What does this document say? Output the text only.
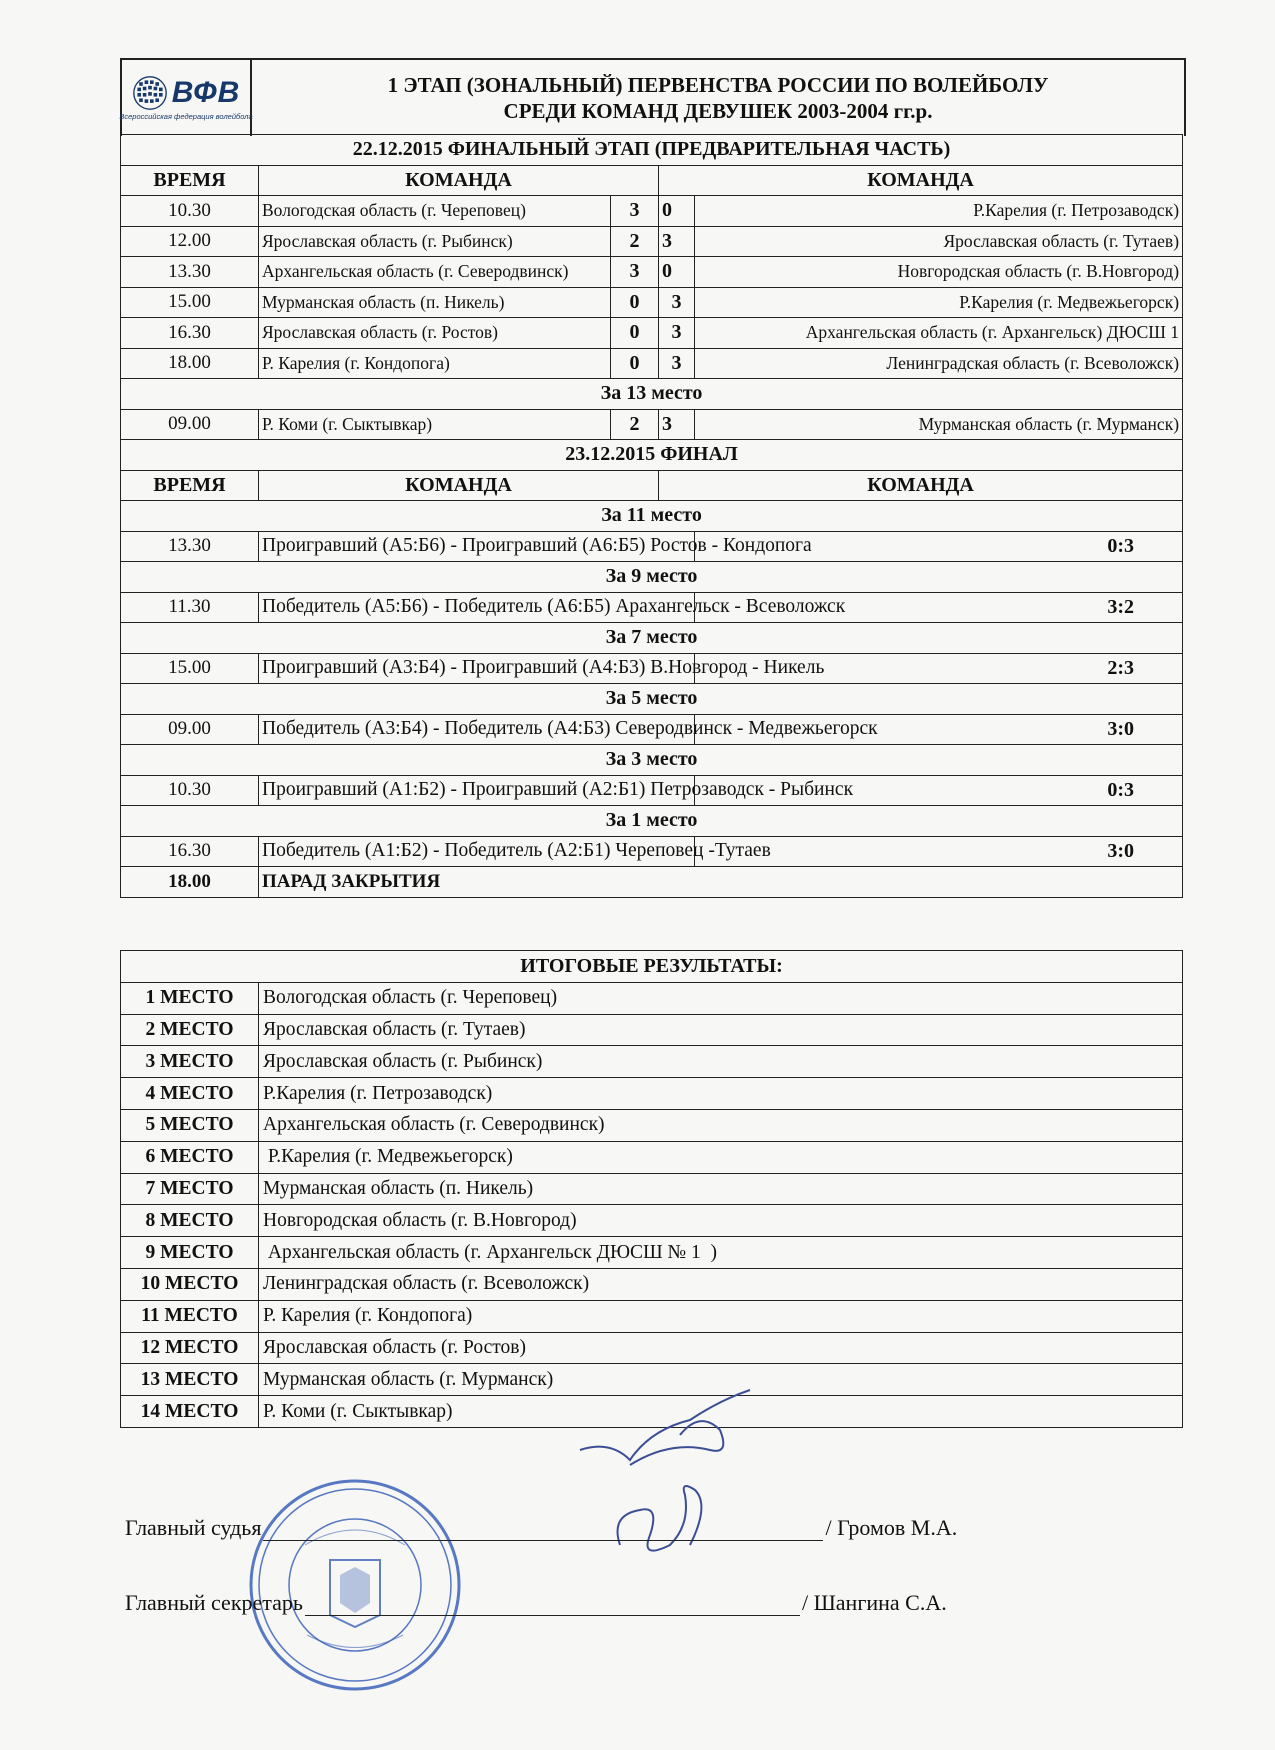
ВФВ
Всероссийская федерация волейбола
1 ЭТАП (ЗОНАЛЬНЫЙ) ПЕРВЕНСТВА РОССИИ ПО ВОЛЕЙБОЛУ
СРЕДИ КОМАНД ДЕВУШЕК 2003-2004 гг.р.
22.12.2015 ФИНАЛЬНЫЙ ЭТАП (ПРЕДВАРИТЕЛЬНАЯ ЧАСТЬ)				
ВРЕМЯ	КОМАНДА		КОМАНДА	
10.30	Вологодская область (г. Череповец)	3	0	Р.Карелия (г. Петрозаводск)
12.00	Ярославская область (г. Рыбинск)	2	3	Ярославская область (г. Тутаев)
13.30	Архангельская область (г. Северодвинск)	3	0	Новгородская область (г. В.Новгород)
15.00	Мурманская область (п. Никель)	0	3	Р.Карелия (г. Медвежьегорск)
16.30	Ярославская область (г. Ростов)	0	3	Архангельская область (г. Архангельск) ДЮСШ 1
18.00	Р. Карелия (г. Кондопога)	0	3	Ленинградская область (г. Всеволожск)
За 13 место				
09.00	Р. Коми (г. Сыктывкар)	2	3	Мурманская область (г. Мурманск)
23.12.2015 ФИНАЛ				
ВРЕМЯ	КОМАНДА		КОМАНДА	
За 11 место				
13.30	Проигравший (А5:Б6) - Проигравший (А6:Б5) Ростов - Кондопога			0:3
За 9 место				
11.30	Победитель (А5:Б6) - Победитель (А6:Б5) Арахангельск - Всеволожск			3:2
За 7 место				
15.00	Проигравший (А3:Б4) - Проигравший (А4:Б3) В.Новгород - Никель			2:3
За 5 место				
09.00	Победитель (А3:Б4) - Победитель (А4:Б3) Северодвинск - Медвежьегорск			3:0
За 3 место				
10.30	Проигравший (А1:Б2) - Проигравший (А2:Б1) Петрозаводск - Рыбинск			0:3
За 1 место				
16.30	Победитель (А1:Б2) - Победитель (А2:Б1) Череповец -Тутаев			3:0
18.00	ПАРАД ЗАКРЫТИЯ			
ИТОГОВЫЕ РЕЗУЛЬТАТЫ:	
1 МЕСТО	Вологодская область (г. Череповец)
2 МЕСТО	Ярославская область (г. Тутаев)
3 МЕСТО	Ярославская область (г. Рыбинск)
4 МЕСТО	Р.Карелия (г. Петрозаводск)
5 МЕСТО	Архангельская область (г. Северодвинск)
6 МЕСТО	Р.Карелия (г. Медвежьегорск)
7 МЕСТО	Мурманская область (п. Никель)
8 МЕСТО	Новгородская область (г. В.Новгород)
9 МЕСТО	Архангельская область (г. Архангельск ДЮСШ № 1  )
10 МЕСТО	Ленинградская область (г. Всеволожск)
11 МЕСТО	Р. Карелия (г. Кондопога)
12 МЕСТО	Ярославская область (г. Ростов)
13 МЕСТО	Мурманская область (г. Мурманск)
14 МЕСТО	Р. Коми (г. Сыктывкар)
Главный судья	/ Громов М.А.
Главный секретарь	/ Шангина С.А.
